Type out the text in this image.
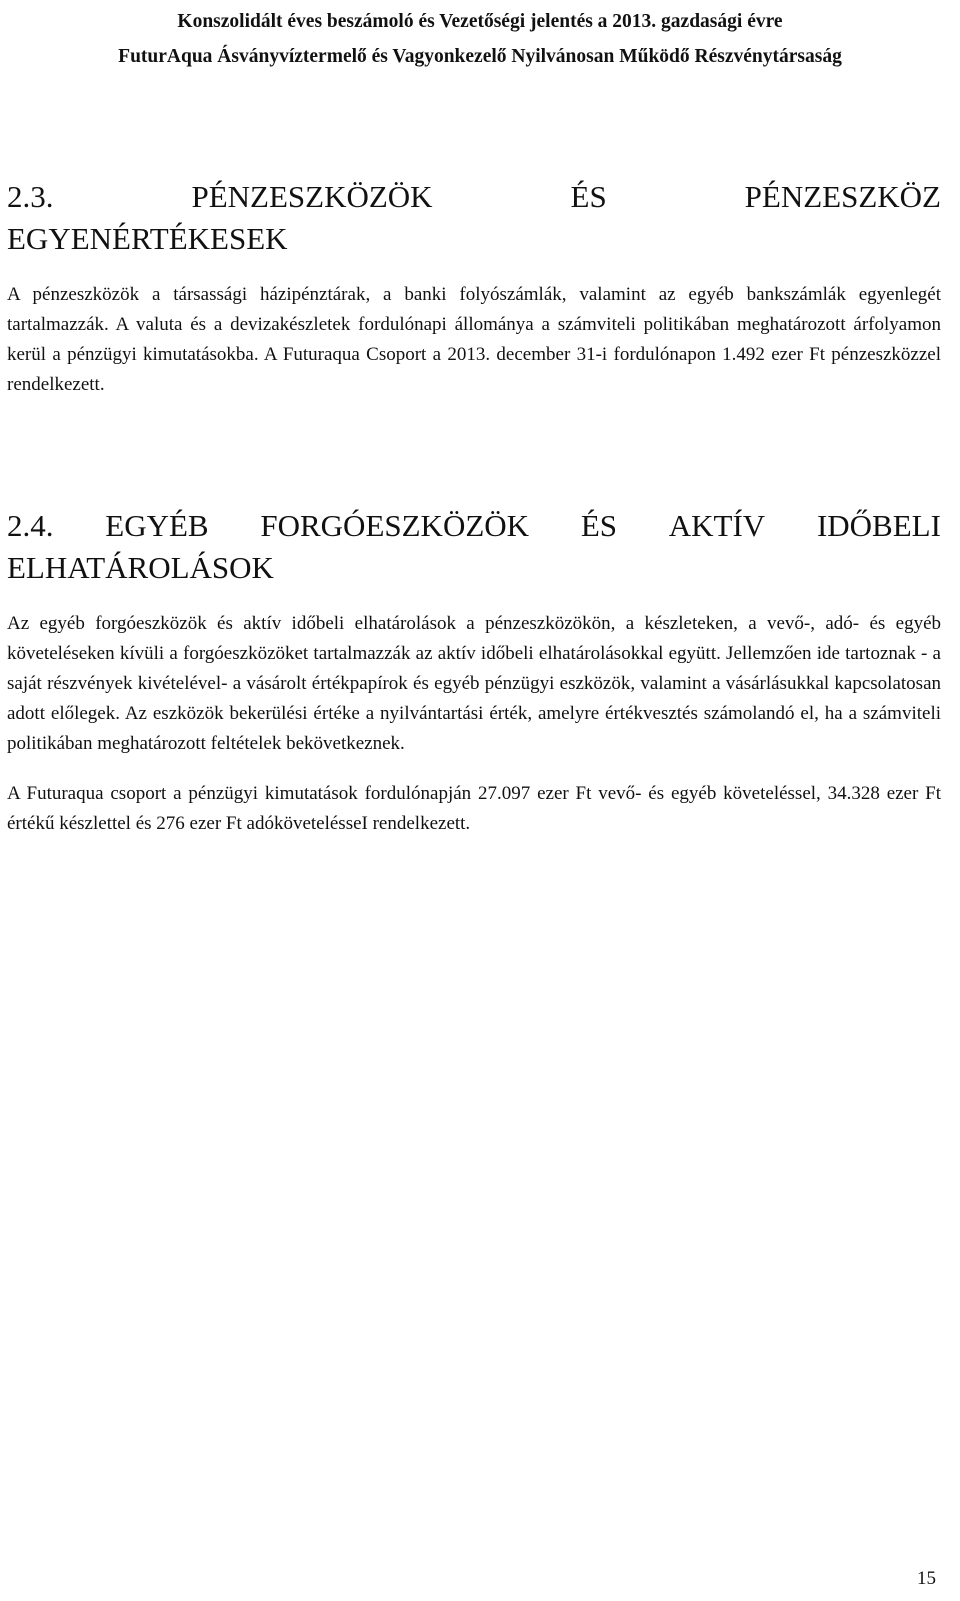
Konszolidált éves beszámoló és Vezetőségi jelentés a 2013. gazdasági évre
FuturAqua Ásványvíztermelő és Vagyonkezelő Nyilvánosan Működő Részvénytársaság
2.3.	PÉNZESZKÖZÖK	ÉS	PÉNZESZKÖZ
EGYENÉRTÉKESEK

A pénzeszközök a társassági házipénztárak, a banki folyószámlák, valamint az egyéb bankszámlák egyenlegét tartalmazzák. A valuta és a devizakészletek fordulónapi állománya a számviteli politikában meghatározott árfolyamon kerül a pénzügyi kimutatásokba. A Futuraqua Csoport a 2013. december 31-i fordulónapon 1.492 ezer Ft pénzeszközzel rendelkezett.

2.4. EGYÉB FORGÓESZKÖZÖK ÉS AKTÍV IDŐBELI
ELHATÁROLÁSOK

Az egyéb forgóeszközök és aktív időbeli elhatárolások a pénzeszközökön, a készleteken, a vevő-, adó- és egyéb követeléseken kívüli a forgóeszközöket tartalmazzák az aktív időbeli elhatárolásokkal együtt. Jellemzően ide tartoznak - a saját részvények kivételével- a vásárolt értékpapírok és egyéb pénzügyi eszközök, valamint a vásárlásukkal kapcsolatosan adott előlegek. Az eszközök bekerülési értéke a nyilvántartási érték, amelyre értékvesztés számolandó el, ha a számviteli politikában meghatározott feltételek bekövetkeznek.

A Futuraqua csoport a pénzügyi kimutatások fordulónapján 27.097 ezer Ft vevő- és egyéb követeléssel, 34.328 ezer Ft értékű készlettel és 276 ezer Ft adókövetelésseI rendelkezett.

15
